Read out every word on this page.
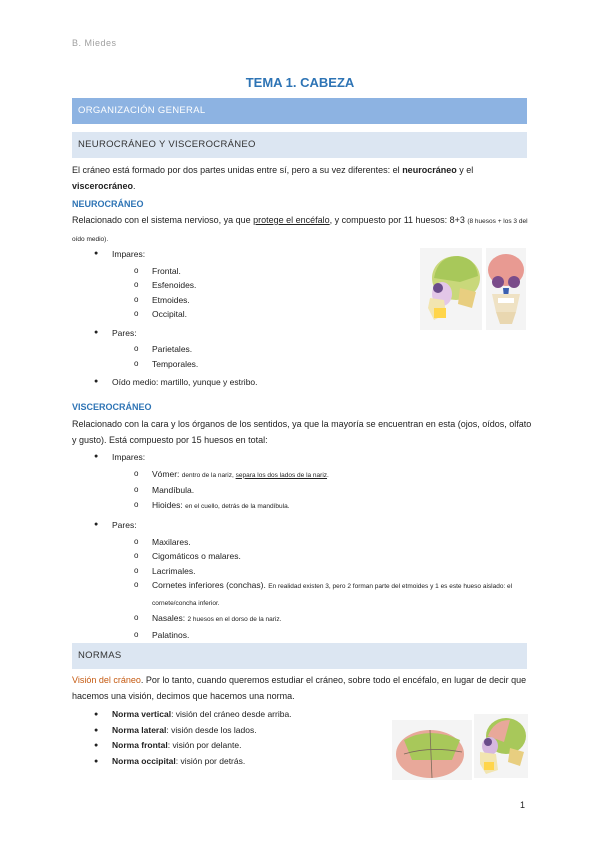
B. Miedes
TEMA 1. CABEZA
ORGANIZACIÓN GENERAL
NEUROCRÁNEO Y VISCEROCRÁNEO
El cráneo está formado por dos partes unidas entre sí, pero a su vez diferentes: el neurocráneo y el viscerocráneo.
NEUROCRÁNEO
Relacionado con el sistema nervioso, ya que protege el encéfalo, y compuesto por 11 huesos: 8+3 (8 huesos + los 3 del oído medio).
● Impares:
o Frontal.
o Esfenoides.
o Etmoides.
o Occipital.
● Pares:
o Parietales.
o Temporales.
● Oído medio: martillo, yunque y estribo.
VISCEROCRÁNEO
Relacionado con la cara y los órganos de los sentidos, ya que la mayoría se encuentran en esta (ojos, oídos, olfato y gusto). Está compuesto por 15 huesos en total:
● Impares:
o Vómer: dentro de la nariz, separa los dos lados de la nariz.
o Mandíbula.
o Hioides: en el cuello, detrás de la mandíbula.
● Pares:
o Maxilares.
o Cigomáticos o malares.
o Lacrimales.
o Cornetes inferiores (conchas). En realidad existen 3, pero 2 forman parte del etmoides y 1 es este hueso aislado: el cornete/concha inferior.
o Nasales: 2 huesos en el dorso de la nariz.
o Palatinos.
NORMAS
Visión del cráneo. Por lo tanto, cuando queremos estudiar el cráneo, sobre todo el encéfalo, en lugar de decir que hacemos una visión, decimos que hacemos una norma.
● Norma vertical: visión del cráneo desde arriba.
● Norma lateral: visión desde los lados.
● Norma frontal: visión por delante.
● Norma occipital: visión por detrás.
1
